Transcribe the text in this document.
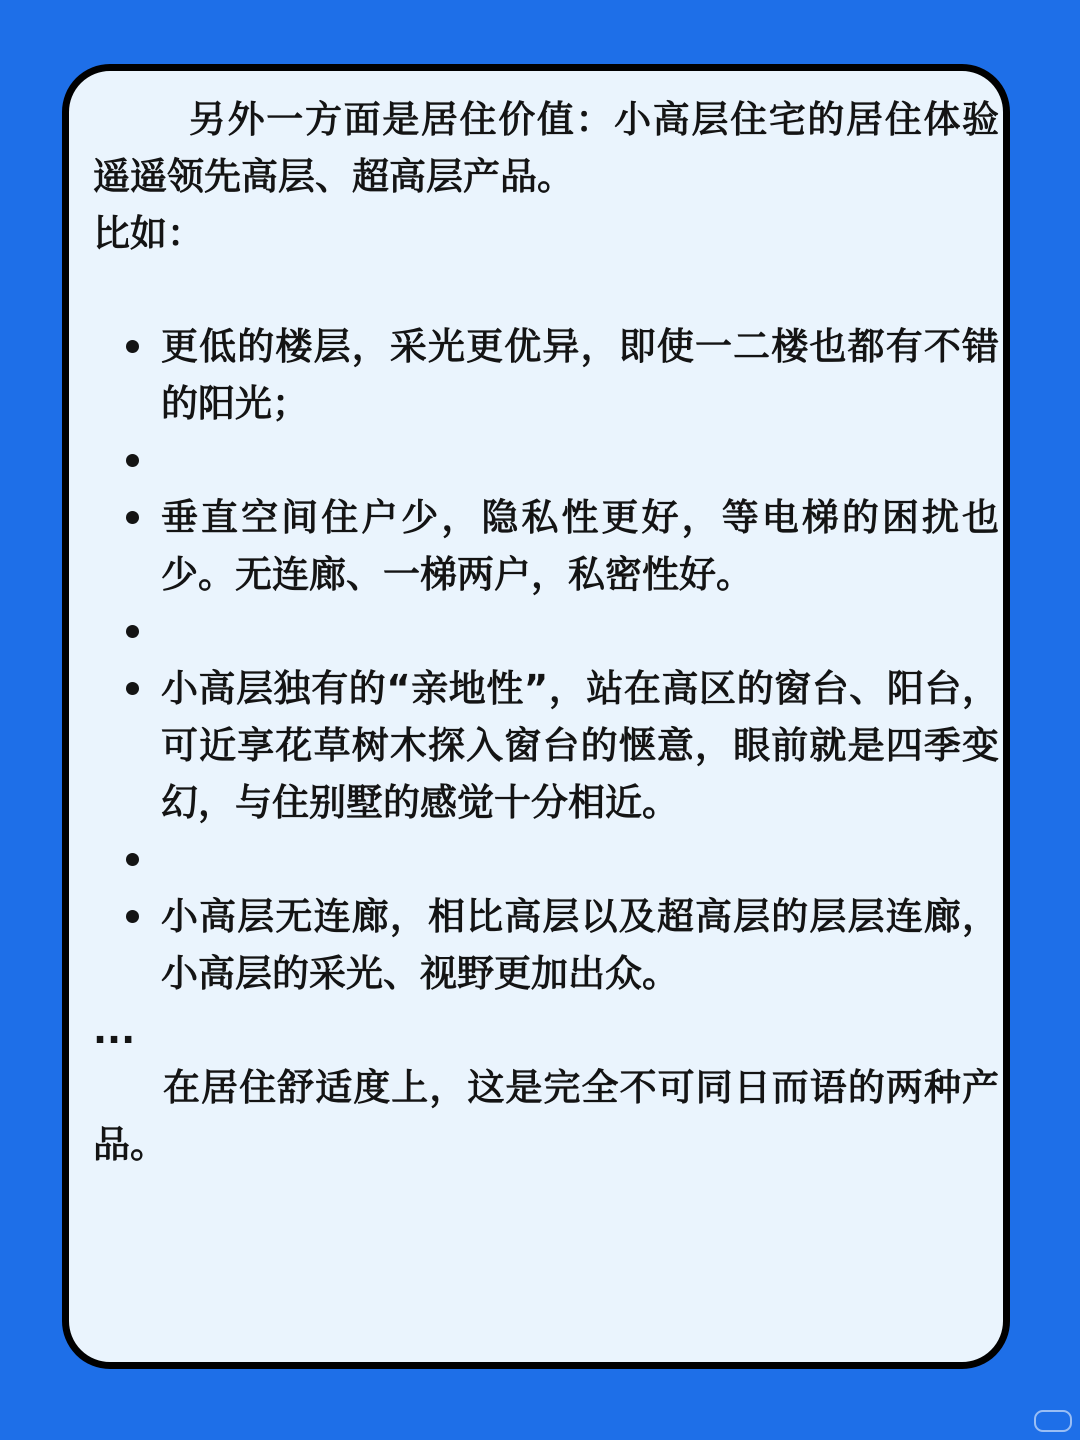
另外一方面是居住价值：小高层住宅的居住体验遥遥领先高层、超高层产品。

比如：

更低的楼层，采光更优异，即使一二楼也都有不错的阳光；
垂直空间住户少，隐私性更好，等电梯的困扰也少。无连廊、一梯两户，私密性好。
小高层独有的“亲地性”，站在高区的窗台、阳台，可近享花草树木探入窗台的惬意，眼前就是四季变幻，与住别墅的感觉十分相近。
小高层无连廊，相比高层以及超高层的层层连廊，小高层的采光、视野更加出众。

...

在居住舒适度上，这是完全不可同日而语的两种产品。
